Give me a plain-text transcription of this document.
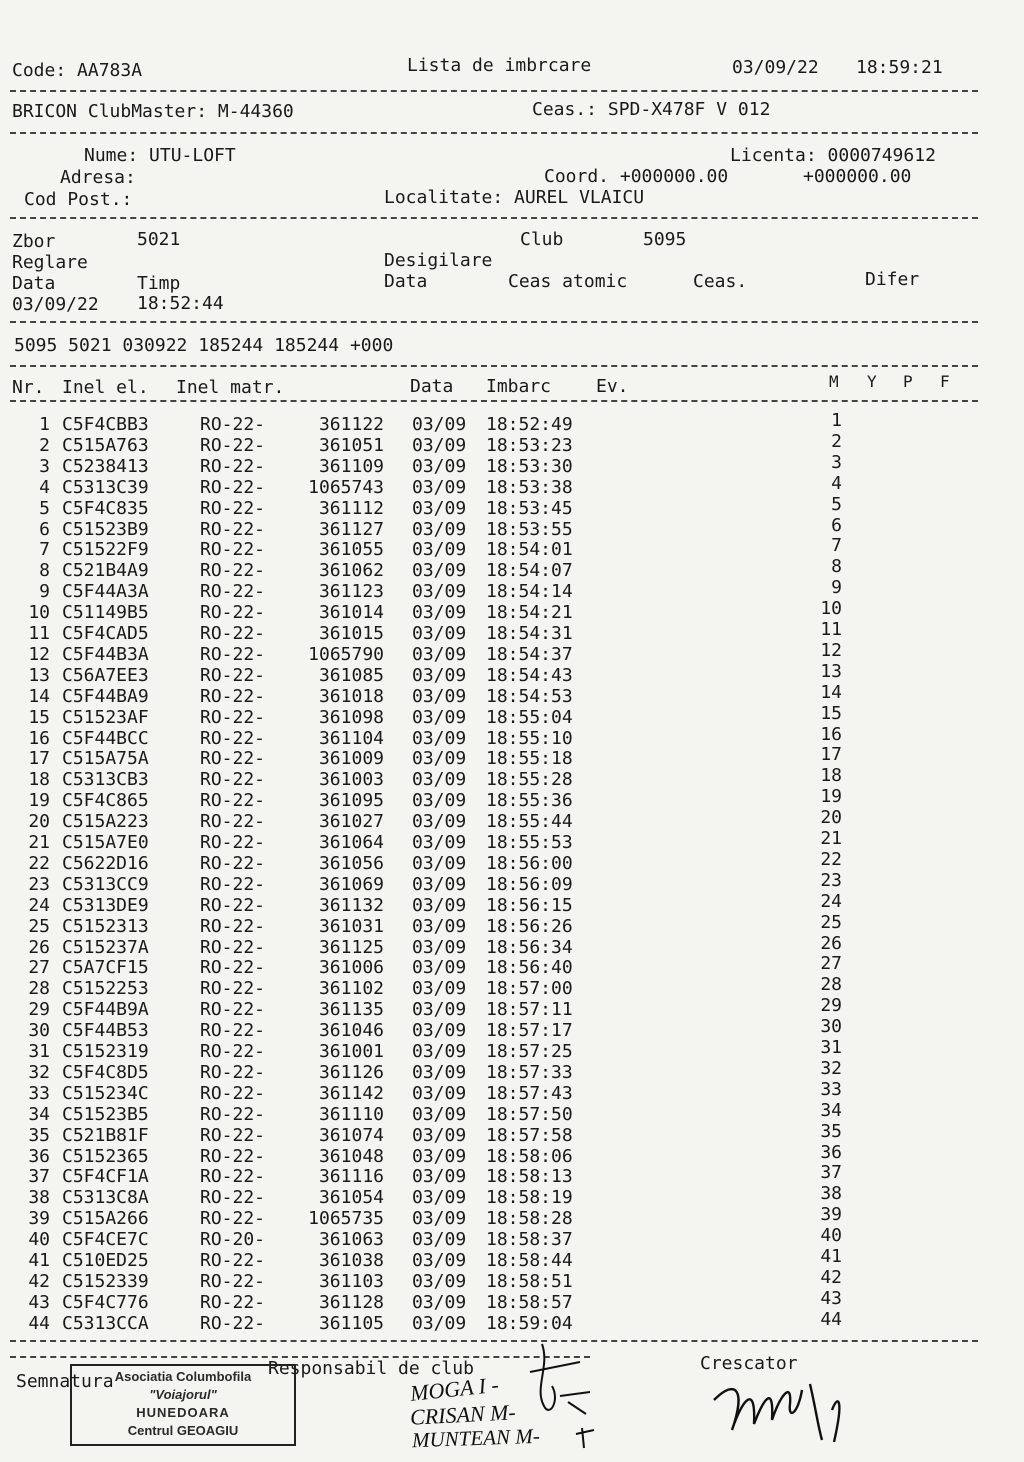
Code: AA783A	Lista de imbrcare	03/09/22 18:59:21
BRICON ClubMaster: M-44360	Ceas.: SPD-X478F V 012
Nume: UTU-LOFT	Licenta: 0000749612
Adresa:	Coord. +000000.00	+000000.00
Cod Post.:	Localitate: AUREL VLAICU
Zbor	5021	Club	5095
Reglare	Desigilare
Data	Timp	Data	Ceas atomic	Ceas.	Difer
03/09/22 18:52:44
5095 5021 030922 185244 185244 +000
Nr. Inel el. Inel matr.	Data Imbarc Ev.	M Y P F
1 C5F4CBB3	RO-22-	361122 03/09 18:52:49	1
2 C515A763	RO-22-	361051 03/09 18:53:23	2
3 C5238413	RO-22-	361109 03/09 18:53:30	3
4 C5313C39	RO-22-	1065743 03/09 18:53:38	4
5 C5F4C835	RO-22-	361112 03/09 18:53:45	5
6 C51523B9	RO-22-	361127 03/09 18:53:55	6
7 C51522F9	RO-22-	361055 03/09 18:54:01	7
8 C521B4A9	RO-22-	361062 03/09 18:54:07	8
9 C5F44A3A	RO-22-	361123 03/09 18:54:14	9
10 C51149B5	RO-22-	361014 03/09 18:54:21	10
11 C5F4CAD5	RO-22-	361015 03/09 18:54:31	11
12 C5F44B3A	RO-22-	1065790 03/09 18:54:37	12
13 C56A7EE3	RO-22-	361085 03/09 18:54:43	13
14 C5F44BA9	RO-22-	361018 03/09 18:54:53	14
15 C51523AF	RO-22-	361098 03/09 18:55:04	15
16 C5F44BCC	RO-22-	361104 03/09 18:55:10	16
17 C515A75A	RO-22-	361009 03/09 18:55:18	17
18 C5313CB3	RO-22-	361003 03/09 18:55:28	18
19 C5F4C865	RO-22-	361095 03/09 18:55:36	19
20 C515A223	RO-22-	361027 03/09 18:55:44	20
21 C515A7E0	RO-22-	361064 03/09 18:55:53	21
22 C5622D16	RO-22-	361056 03/09 18:56:00	22
23 C5313CC9	RO-22-	361069 03/09 18:56:09	23
24 C5313DE9	RO-22-	361132 03/09 18:56:15	24
25 C5152313	RO-22-	361031 03/09 18:56:26	25
26 C515237A	RO-22-	361125 03/09 18:56:34	26
27 C5A7CF15	RO-22-	361006 03/09 18:56:40	27
28 C5152253	RO-22-	361102 03/09 18:57:00	28
29 C5F44B9A	RO-22-	361135 03/09 18:57:11	29
30 C5F44B53	RO-22-	361046 03/09 18:57:17	30
31 C5152319	RO-22-	361001 03/09 18:57:25	31
32 C5F4C8D5	RO-22-	361126 03/09 18:57:33	32
33 C515234C	RO-22-	361142 03/09 18:57:43	33
34 C51523B5	RO-22-	361110 03/09 18:57:50	34
35 C521B81F	RO-22-	361074 03/09 18:57:58	35
36 C5152365	RO-22-	361048 03/09 18:58:06	36
37 C5F4CF1A	RO-22-	361116 03/09 18:58:13	37
38 C5313C8A	RO-22-	361054 03/09 18:58:19	38
39 C515A266	RO-22-	1065735 03/09 18:58:28	39
40 C5F4CE7C	RO-20-	361063 03/09 18:58:37	40
41 C510ED25	RO-22-	361038 03/09 18:58:44	41
42 C5152339	RO-22-	361103 03/09 18:58:51	42
43 C5F4C776	RO-22-	361128 03/09 18:58:57	43
44 C5313CCA	RO-22-	361105 03/09 18:59:04	44
Semnatura
Responsabil de club	Crescator
Asociatia Columbofila
"Voiajorul"
HUNEDOARA
Centrul GEOAGIU
MOGA I -
CRISAN M-
MUNTEAN M-
